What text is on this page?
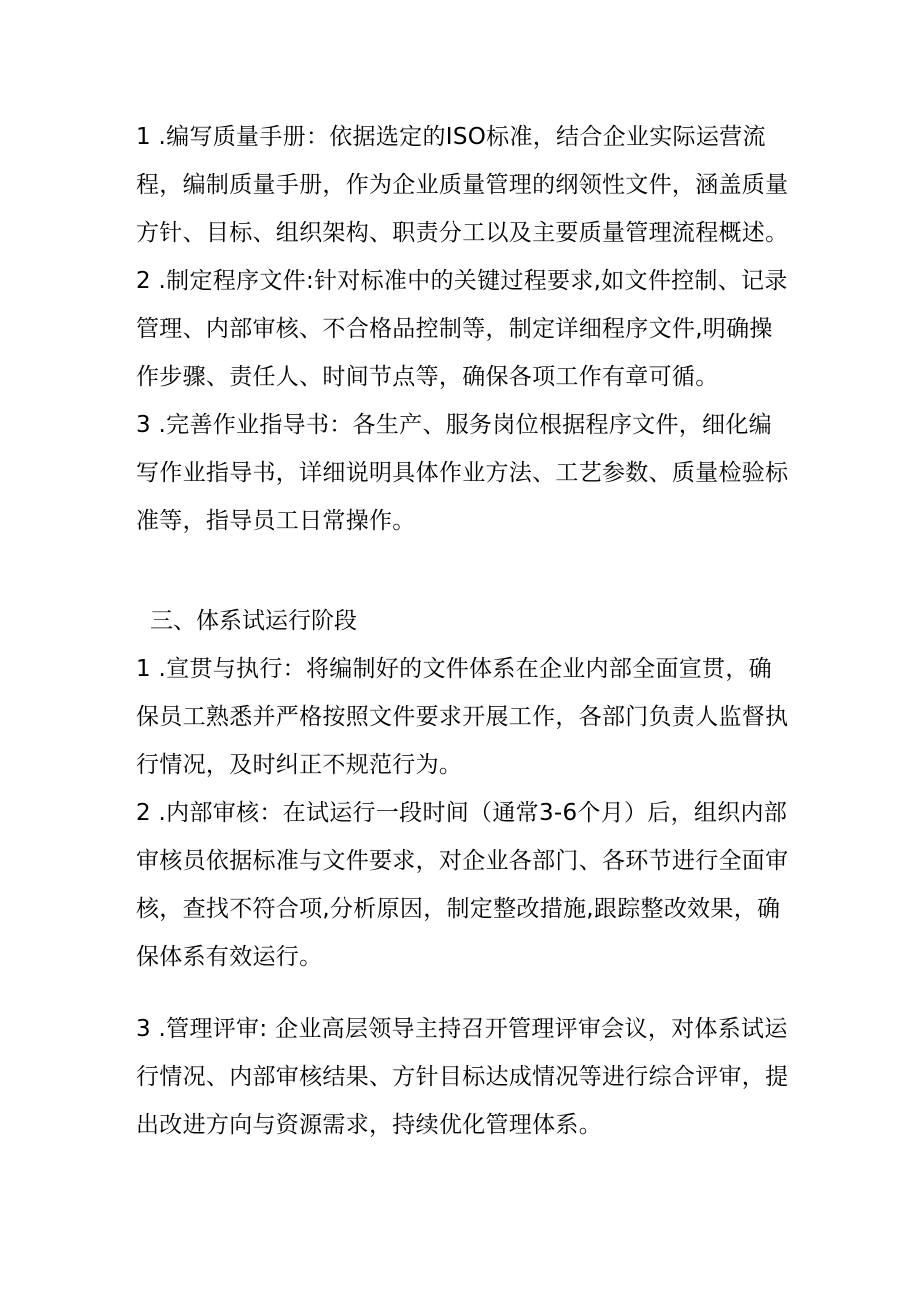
1 .编写质量手册：依据选定的ISO标准，结合企业实际运营流
程，编制质量手册，作为企业质量管理的纲领性文件，涵盖质量
方针、目标、组织架构、职责分工以及主要质量管理流程概述。

2 .制定程序文件:针对标准中的关键过程要求,如文件控制、记录
管理、内部审核、不合格品控制等，制定详细程序文件,明确操
作步骤、责任人、时间节点等，确保各项工作有章可循。

3 .完善作业指导书：各生产、服务岗位根据程序文件，细化编
写作业指导书，详细说明具体作业方法、工艺参数、质量检验标
准等，指导员工日常操作。

三、体系试运行阶段

1 .宣贯与执行：将编制好的文件体系在企业内部全面宣贯，确
保员工熟悉并严格按照文件要求开展工作，各部门负责人监督执
行情况，及时纠正不规范行为。

2 .内部审核：在试运行一段时间（通常3-6个月）后，组织内部
审核员依据标准与文件要求，对企业各部门、各环节进行全面审
核，查找不符合项,分析原因，制定整改措施,跟踪整改效果，确
保体系有效运行。

3 .管理评审: 企业高层领导主持召开管理评审会议，对体系试运
行情况、内部审核结果、方针目标达成情况等进行综合评审，提
出改进方向与资源需求，持续优化管理体系。
